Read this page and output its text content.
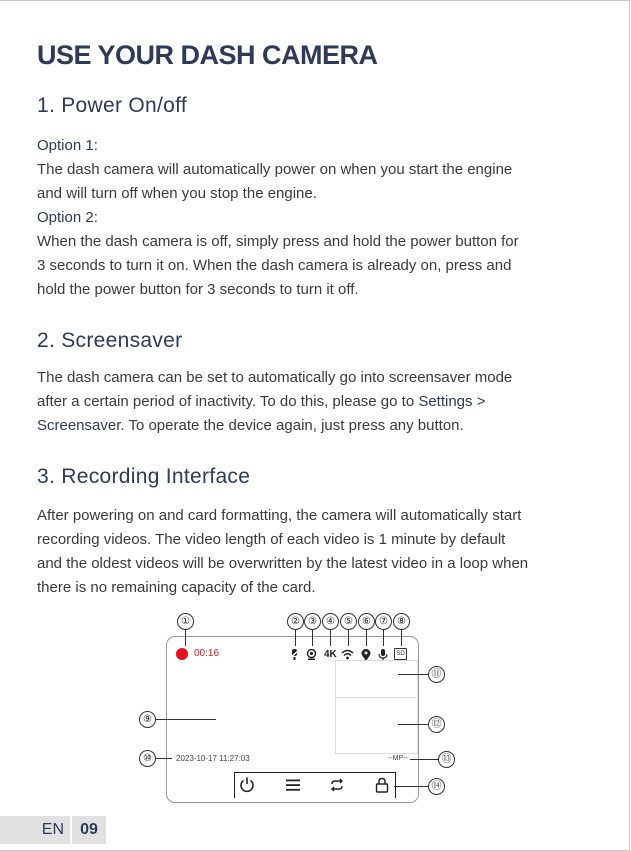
USE YOUR DASH CAMERA
1. Power On/off
Option 1:
The dash camera will automatically power on when you start the engine
and will turn off when you stop the engine.
Option 2:
When the dash camera is off, simply press and hold the power button for
3 seconds to turn it on. When the dash camera is already on, press and
hold the power button for 3 seconds to turn it off.
2. Screensaver
The dash camera can be set to automatically go into screensaver mode
after a certain period of inactivity. To do this, please go to Settings >
Screensaver. To operate the device again, just press any button.
3. Recording Interface
After powering on and card formatting, the camera will automatically start
recording videos. The video length of each video is 1 minute by default
and the oldest videos will be overwritten by the latest video in a loop when
there is no remaining capacity of the card.
①	② ③ ④ ⑤ ⑥ ⑦ ⑧
00:16	4K	SD
⑪
⑫
⑨
⑩	2023-10-17 11:27:03	--MP--	⑬
⑭
EN	09
